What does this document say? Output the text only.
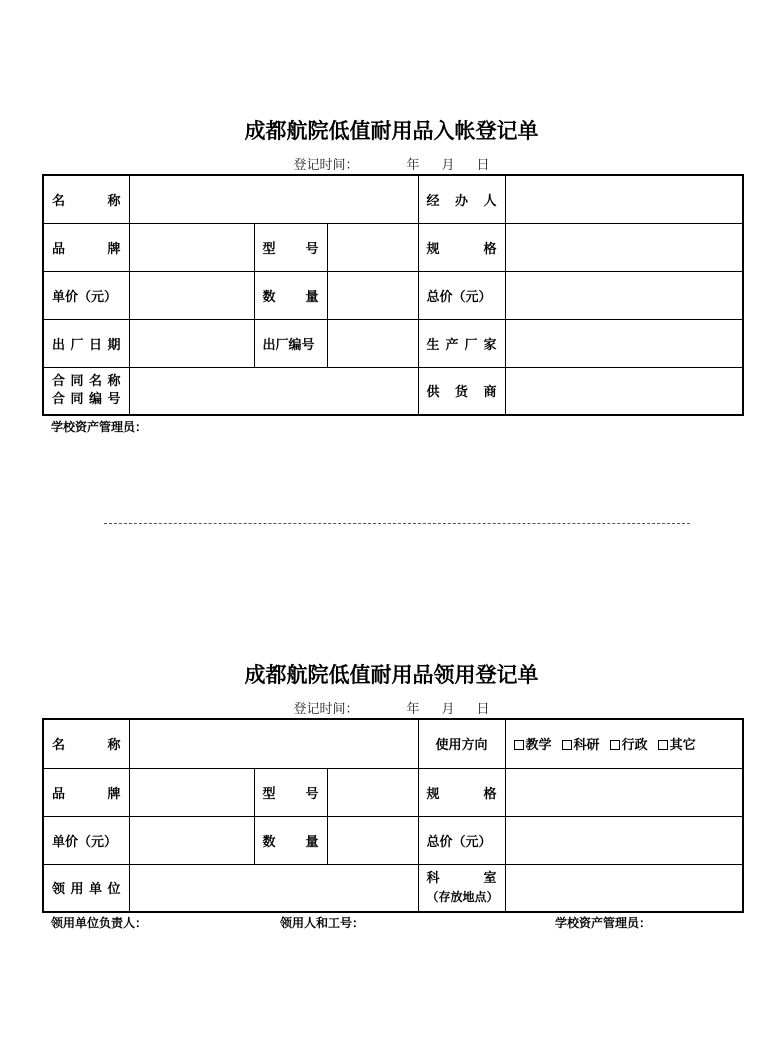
成都航院低值耐用品入帐登记单
登记时间：	年 月 日
名 称				经 办 人	

品 牌		型 号		规 格	

单价（元）		数 量		总价（元）	

出 厂 日 期		出厂编号		生 产 厂 家	

合 同 名 称
合 同 编 号				供 货 商	

学校资产管理员：
成都航院低值耐用品领用登记单
登记时间：	年 月 日
名 称				使用方向	教学 科研 行政 其它

品 牌		型 号		规 格	

单价（元）		数 量		总价（元）	

领 用 单 位				科 室
（存放地点）	

领用单位负责人：	领用人和工号：	学校资产管理员：
